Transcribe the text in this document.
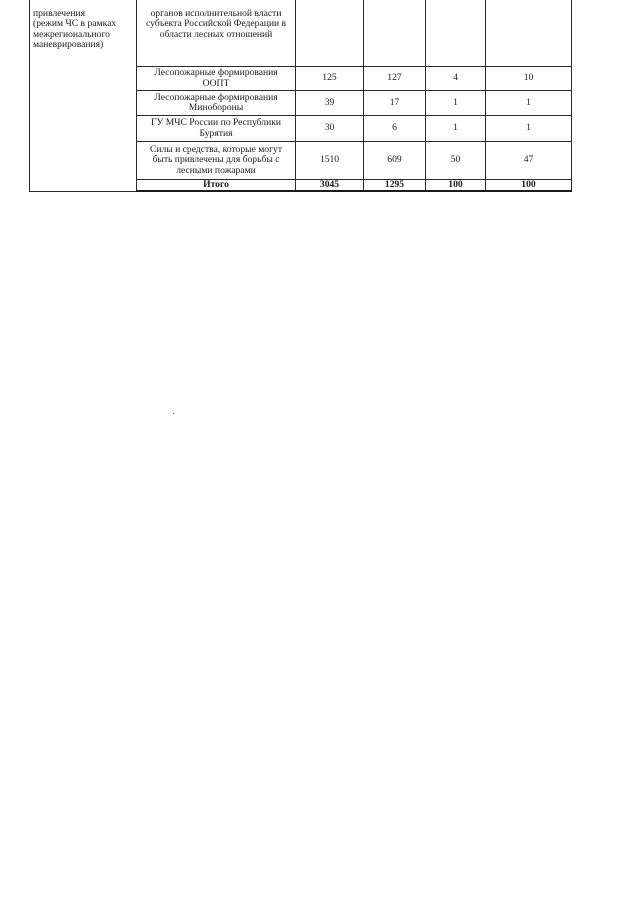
привлечения
(режим ЧС в рамках межрегионального маневрирования)	органов исполнительной власти субъекта Российской Федерации в области лесных отношений				

	Лесопожарные формирования ООПТ	125	127	4	10

	Лесопожарные формирования Минобороны	39	17	1	1

	ГУ МЧС России по Республики Бурятия	30	6	1	1

	Силы и средства, которые могут быть привлечены для борьбы с лесными пожарами	1510	609	50	47
	Итого	3045	1295	100	100
